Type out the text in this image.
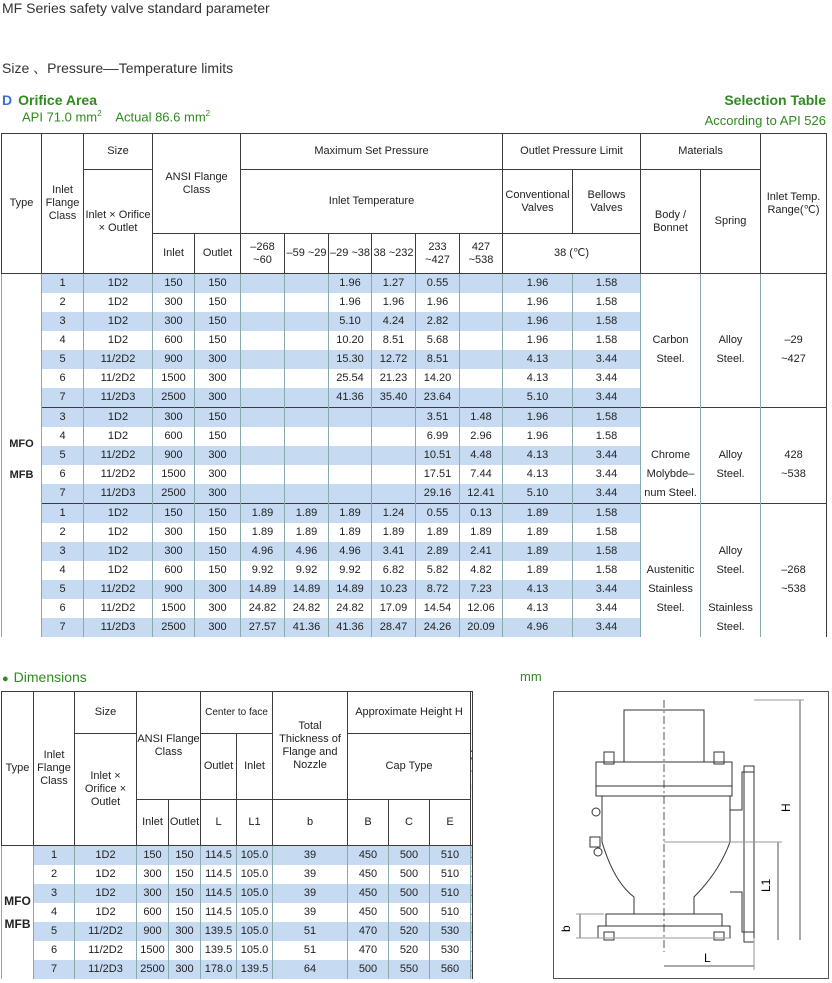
MF Series safety valve standard parameter
Size 、Pressure––Temperature limits
D Orifice Area
API 71.0 $mm^2$ Actual 86.6 $mm^2$
Selection Table
According to API 526
Type	Inlet Flange Class	Size	ANSI Flange Class		Maximum Set Pressure						Outlet Pressure Limit		Materials		Inlet Temp. Range(℃)
		Inlet × Orifice × Outlet			Inlet Temperature						Conventional Valves	Bellows Valves	Body / Bonnet	Spring	
			Inlet	Outlet	–268 ~60	–59 ~29	–29 ~38	38 ~232	233 ~427	427 ~538	38 (℃)				

MFO
MFB	1	1D2	150	150			1.96	1.27	0.55		1.96	1.58			
	2	1D2	300	150			1.96	1.96	1.96		1.96	1.58			
	3	1D2	300	150			5.10	4.24	2.82		1.96	1.58			
	4	1D2	600	150			10.20	8.51	5.68		1.96	1.58	Carbon	Alloy	–29
	5	11/2D2	900	300			15.30	12.72	8.51		4.13	3.44	Steel.	Steel.	~427
	6	11/2D2	1500	300			25.54	21.23	14.20		4.13	3.44			
	7	11/2D3	2500	300			41.36	35.40	23.64		5.10	3.44			
	3	1D2	300	150					3.51	1.48	1.96	1.58			
	4	1D2	600	150					6.99	2.96	1.96	1.58			
	5	11/2D2	900	300					10.51	4.48	4.13	3.44	Chrome	Alloy	428
	6	11/2D2	1500	300					17.51	7.44	4.13	3.44	Molybde–	Steel.	~538
	7	11/2D3	2500	300					29.16	12.41	5.10	3.44	num Steel.		
	1	1D2	150	150	1.89	1.89	1.89	1.24	0.55	0.13	1.89	1.58			
	2	1D2	300	150	1.89	1.89	1.89	1.89	1.89	1.89	1.89	1.58			
	3	1D2	300	150	4.96	4.96	4.96	3.41	2.89	2.41	1.89	1.58		Alloy	
	4	1D2	600	150	9.92	9.92	9.92	6.82	5.82	4.82	1.89	1.58	Austenitic	Steel.	–268
	5	11/2D2	900	300	14.89	14.89	14.89	10.23	8.72	7.23	4.13	3.44	Stainless		~538
	6	11/2D2	1500	300	24.82	24.82	24.82	17.09	14.54	12.06	4.13	3.44	Steel.	Stainless	
	7	11/2D3	2500	300	27.57	41.36	41.36	28.47	24.26	20.09	4.96	3.44		Steel.	
● Dimensions	mm
Type	Inlet Flange Class	Size	ANSI Flange Class		Center to face		Total Thickness of Flange and Nozzle	Approximate Height H	
		Inlet × Orifice × Outlet			Outlet	Inlet		Cap Type			
			Inlet	Outlet	L	L1	b	B	C	E	

MFO
MFB	1	1D2	150	150	114.5	105.0	39	450	500	510	
	2	1D2	300	150	114.5	105.0	39	450	500	510	
	3	1D2	300	150	114.5	105.0	39	450	500	510	
	4	1D2	600	150	114.5	105.0	39	450	500	510	
	5	11/2D2	900	300	139.5	105.0	51	470	520	530	
	6	11/2D2	1500	300	139.5	105.0	51	470	520	530	
	7	11/2D3	2500	300	178.0	139.5	64	500	550	560	
H
L1
L
b
